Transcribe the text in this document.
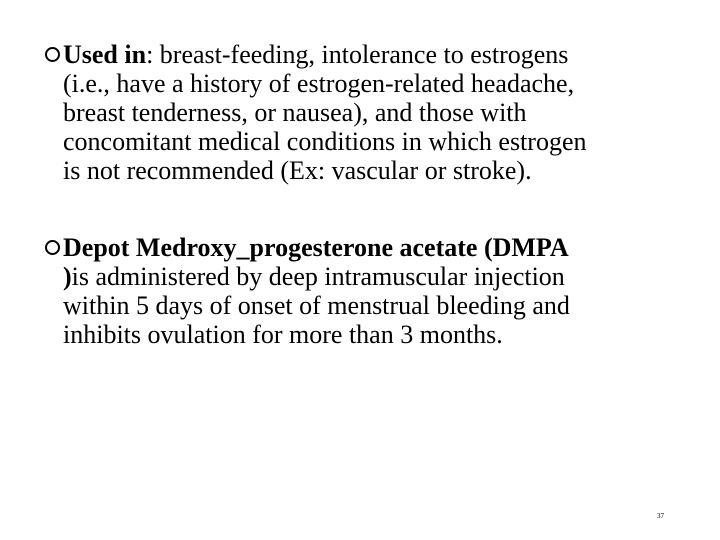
Used in: breast-feeding, intolerance to estrogens
(i.e., have a history of estrogen-related headache,
breast tenderness, or nausea), and those with
concomitant medical conditions in which estrogen
is not recommended (Ex: vascular or stroke).
Depot Medroxy_progesterone acetate (DMPA
)is administered by deep intramuscular injection
within 5 days of onset of menstrual bleeding and
inhibits ovulation for more than 3 months.
37
